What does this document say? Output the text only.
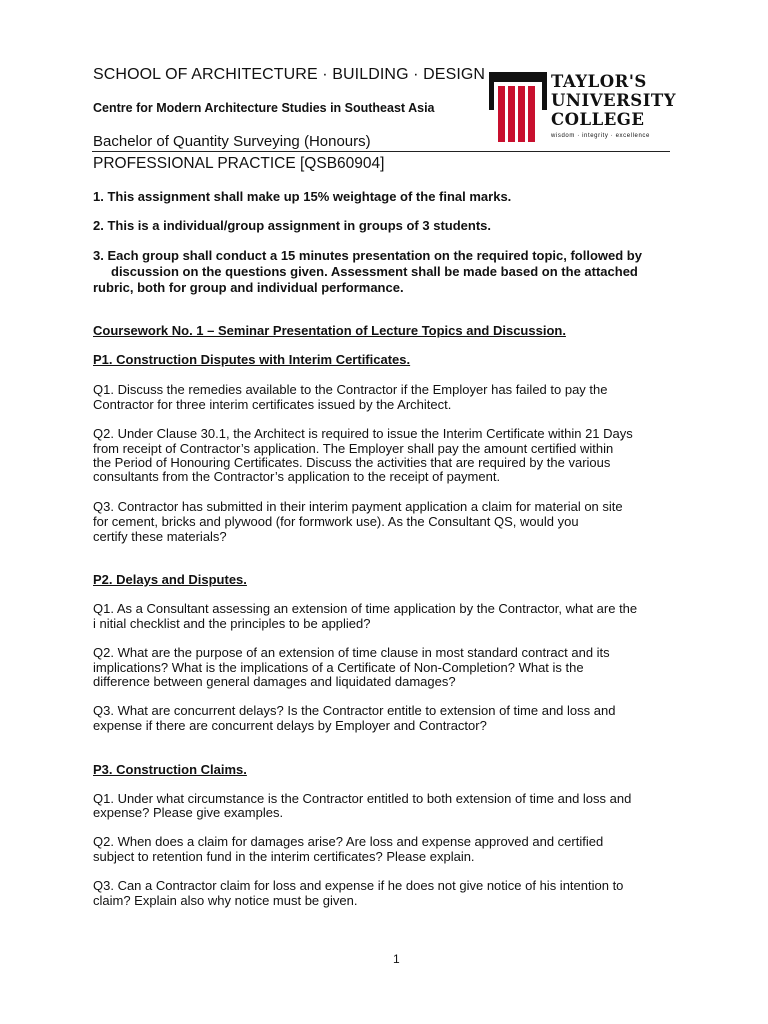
SCHOOL OF ARCHITECTURE · BUILDING · DESIGN
Centre for Modern Architecture Studies in Southeast Asia
Bachelor of Quantity Surveying (Honours)
PROFESSIONAL PRACTICE [QSB60904]
TAYLOR'S
UNIVERSITY
COLLEGE
wisdom · integrity · excellence
1. This assignment shall make up 15% weightage of the final marks.
2. This is a individual/group assignment in groups of 3 students.
3. Each group shall conduct a 15 minutes presentation on the required topic, followed by
discussion on the questions given. Assessment shall be made based on the attached
rubric, both for group and individual performance.
Coursework No. 1 – Seminar Presentation of Lecture Topics and Discussion.
P1. Construction Disputes with Interim Certificates.
Q1. Discuss the remedies available to the Contractor if the Employer has failed to pay the
Contractor for three interim certificates issued by the Architect.
Q2. Under Clause 30.1, the Architect is required to issue the Interim Certificate within 21 Days
from receipt of Contractor’s application. The Employer shall pay the amount certified within
the Period of Honouring Certificates. Discuss the activities that are required by the various
consultants from the Contractor’s application to the receipt of payment.
Q3. Contractor has submitted in their interim payment application a claim for material on site
for cement, bricks and plywood (for formwork use). As the Consultant QS, would you
certify these materials?
P2. Delays and Disputes.
Q1. As a Consultant assessing an extension of time application by the Contractor, what are the
i nitial checklist and the principles to be applied?
Q2. What are the purpose of an extension of time clause in most standard contract and its
implications? What is the implications of a Certificate of Non-Completion? What is the
difference between general damages and liquidated damages?
Q3. What are concurrent delays? Is the Contractor entitle to extension of time and loss and
expense if there are concurrent delays by Employer and Contractor?
P3. Construction Claims.
Q1. Under what circumstance is the Contractor entitled to both extension of time and loss and
expense? Please give examples.
Q2. When does a claim for damages arise? Are loss and expense approved and certified
subject to retention fund in the interim certificates? Please explain.
Q3. Can a Contractor claim for loss and expense if he does not give notice of his intention to
claim? Explain also why notice must be given.
1
